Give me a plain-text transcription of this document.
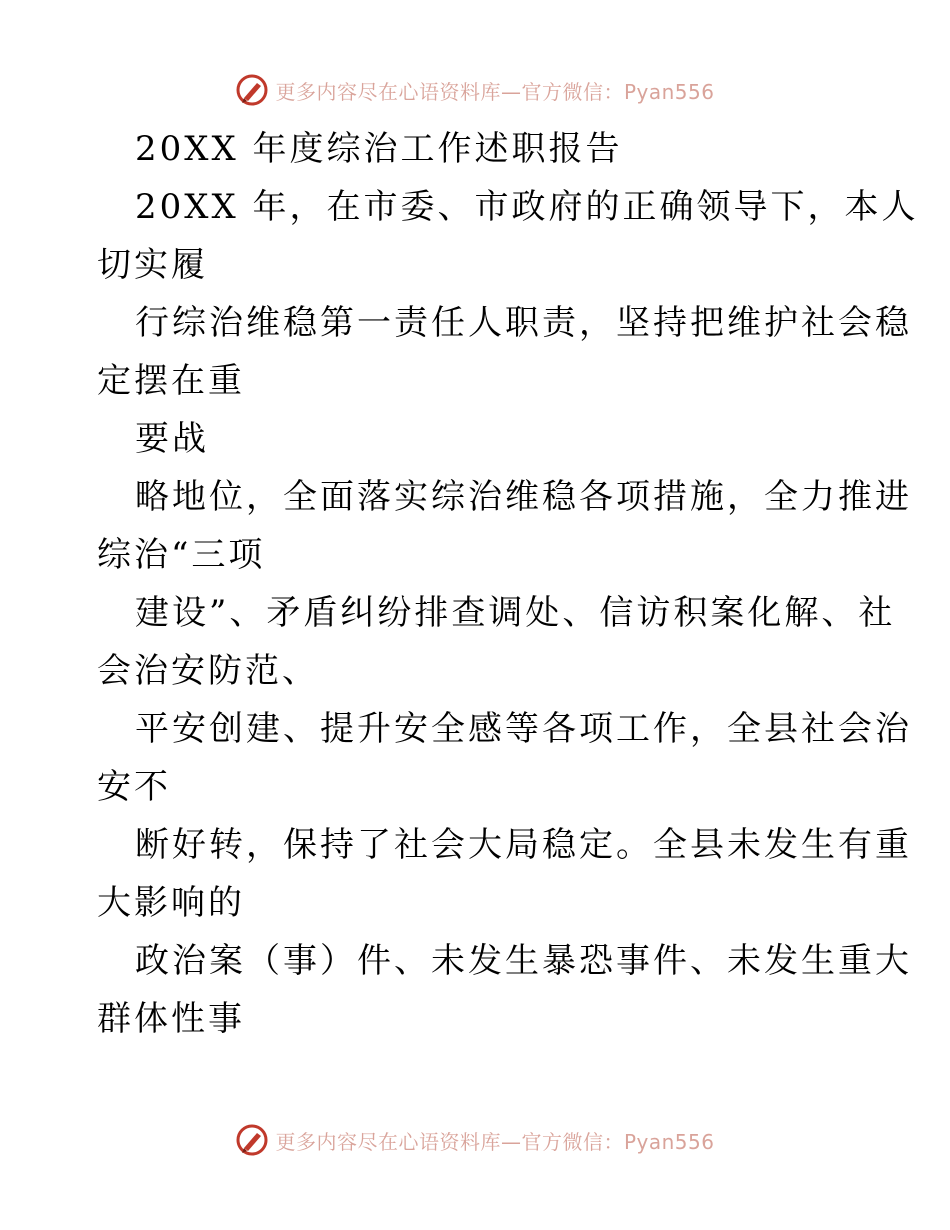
更多内容尽在心语资料库—官方微信：Pyan556
20XX 年度综治工作述职报告
20XX 年，在市委、市政府的正确领导下，本人
切实履
行综治维稳第一责任人职责，坚持把维护社会稳
定摆在重
要战
略地位，全面落实综治维稳各项措施，全力推进
综治“三项
建设”、矛盾纠纷排查调处、信访积案化解、社
会治安防范、
平安创建、提升安全感等各项工作，全县社会治
安不
断好转，保持了社会大局稳定。全县未发生有重
大影响的
政治案（事）件、未发生暴恐事件、未发生重大
群体性事
更多内容尽在心语资料库—官方微信：Pyan556
